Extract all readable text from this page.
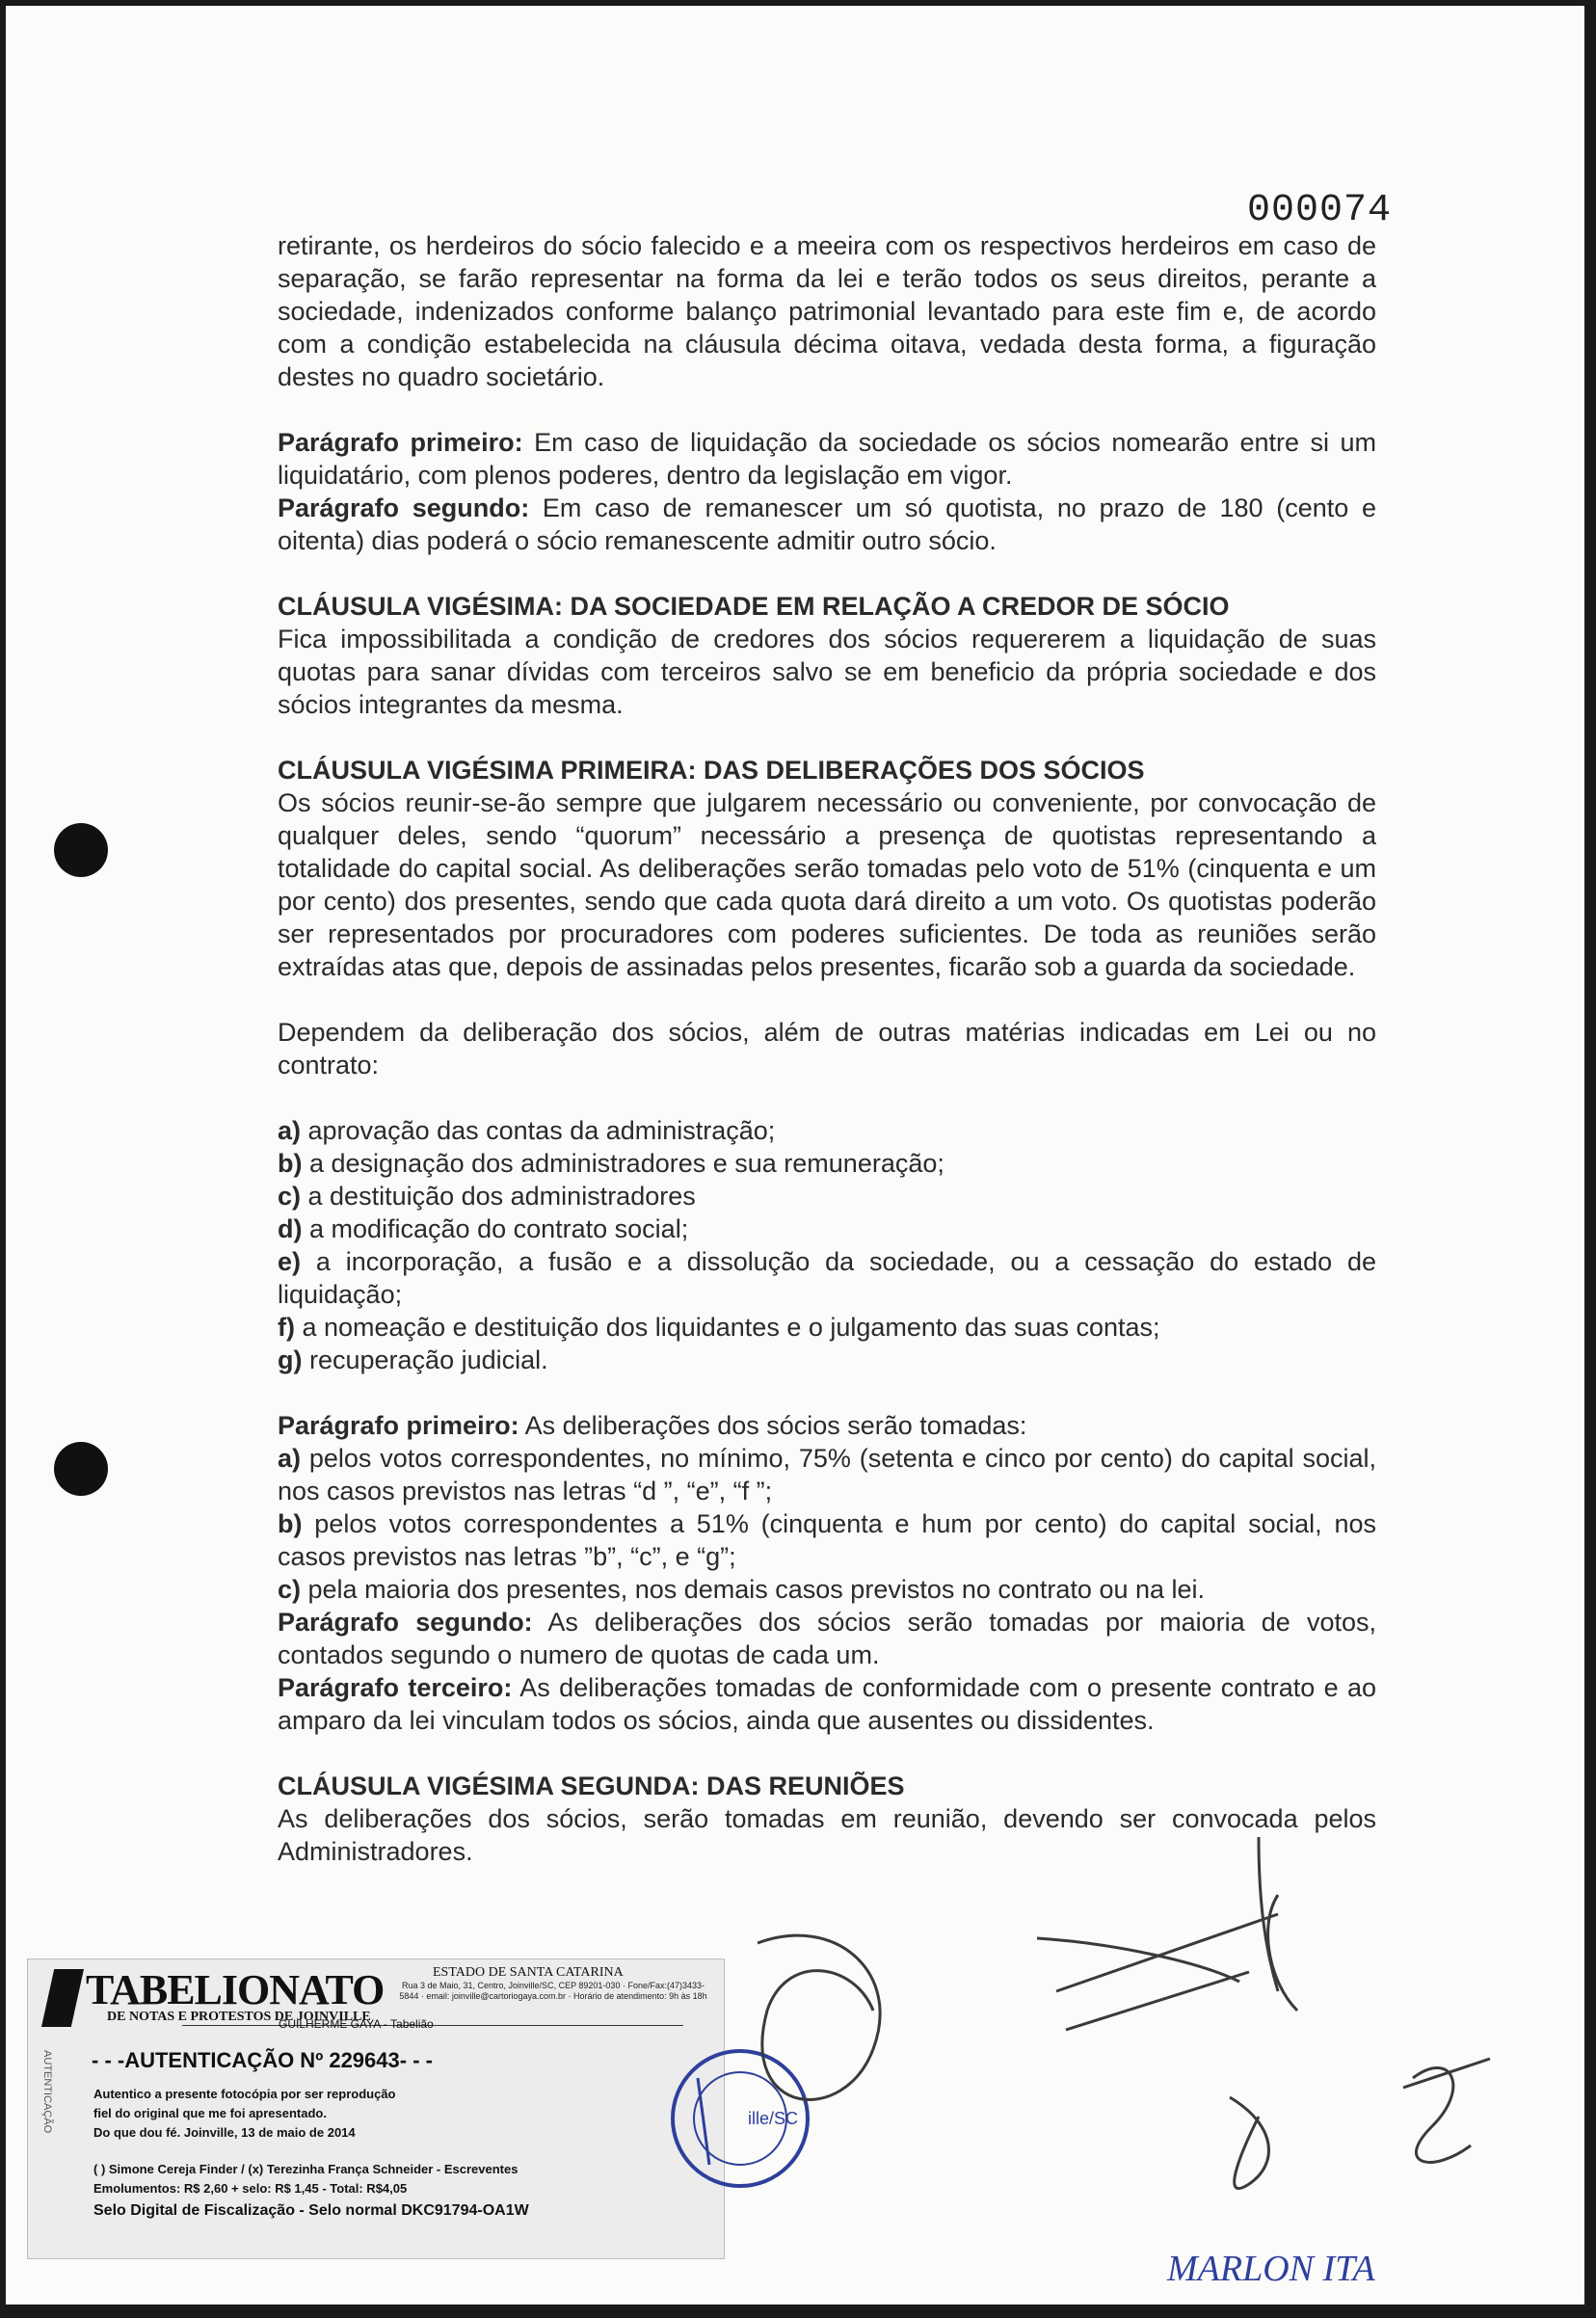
000074

retirante, os herdeiros do sócio falecido e a meeira com os respectivos herdeiros em caso de separação, se farão representar na forma da lei e terão todos os seus direitos, perante a sociedade, indenizados conforme balanço patrimonial levantado para este fim e, de acordo com a condição estabelecida na cláusula décima oitava, vedada desta forma, a figuração destes no quadro societário.

Parágrafo primeiro: Em caso de liquidação da sociedade os sócios nomearão entre si um liquidatário, com plenos poderes, dentro da legislação em vigor.

Parágrafo segundo: Em caso de remanescer um só quotista, no prazo de 180 (cento e oitenta) dias poderá o sócio remanescente admitir outro sócio.

CLÁUSULA VIGÉSIMA: DA SOCIEDADE EM RELAÇÃO A CREDOR DE SÓCIO

Fica impossibilitada a condição de credores dos sócios requererem a liquidação de suas quotas para sanar dívidas com terceiros salvo se em beneficio da própria sociedade e dos sócios integrantes da mesma.

CLÁUSULA VIGÉSIMA PRIMEIRA: DAS DELIBERAÇÕES DOS SÓCIOS

Os sócios reunir-se-ão sempre que julgarem necessário ou conveniente, por convocação de qualquer deles, sendo “quorum” necessário a presença de quotistas representando a totalidade do capital social. As deliberações serão tomadas pelo voto de 51% (cinquenta e um por cento) dos presentes, sendo que cada quota dará direito a um voto. Os quotistas poderão ser representados por procuradores com poderes suficientes. De toda as reuniões serão extraídas atas que, depois de assinadas pelos presentes, ficarão sob a guarda da sociedade.

Dependem da deliberação dos sócios, além de outras matérias indicadas em Lei ou no contrato:

a) aprovação das contas da administração;

b) a designação dos administradores e sua remuneração;

c) a destituição dos administradores

d) a modificação do contrato social;

e) a incorporação, a fusão e a dissolução da sociedade, ou a cessação do estado de liquidação;

f) a nomeação e destituição dos liquidantes e o julgamento das suas contas;

g) recuperação judicial.

Parágrafo primeiro: As deliberações dos sócios serão tomadas:

a) pelos votos correspondentes, no mínimo, 75% (setenta e cinco por cento) do capital social, nos casos previstos nas letras “d ”, “e”, “f ”;

b) pelos votos correspondentes a 51% (cinquenta e hum por cento) do capital social, nos casos previstos nas letras ”b”, “c”, e “g”;

c) pela maioria dos presentes, nos demais casos previstos no contrato ou na lei.

Parágrafo segundo: As deliberações dos sócios serão tomadas por maioria de votos, contados segundo o numero de quotas de cada um.

Parágrafo terceiro: As deliberações tomadas de conformidade com o presente contrato e ao amparo da lei vinculam todos os sócios, ainda que ausentes ou dissidentes.

CLÁUSULA VIGÉSIMA SEGUNDA: DAS REUNIÕES

As deliberações dos sócios, serão tomadas em reunião, devendo ser convocada pelos Administradores.

TABELIONATO
DE NOTAS E PROTESTOS DE JOINVILLE
ESTADO DE SANTA CATARINA
Rua 3 de Maio, 31, Centro, Joinville/SC, CEP 89201-030 · Fone/Fax:(47)3433-5844 · email: joinville@cartoriogaya.com.br · Horário de atendimento: 9h às 18h
GUILHERME GAYA - Tabelião
AUTENTICAÇÃO - - -AUTENTICAÇÃO Nº 229643- - -
Autentico a presente fotocópia por ser reprodução
fiel do original que me foi apresentado.
Do que dou fé. Joinville, 13 de maio de 2014
( ) Simone Cereja Finder / (x) Terezinha França Schneider - Escreventes
Emolumentos: R$ 2,60 + selo: R$ 1,45 - Total: R$4,05
Selo Digital de Fiscalização - Selo normal DKC91794-OA1W
ille/SC
MARLON ITA
